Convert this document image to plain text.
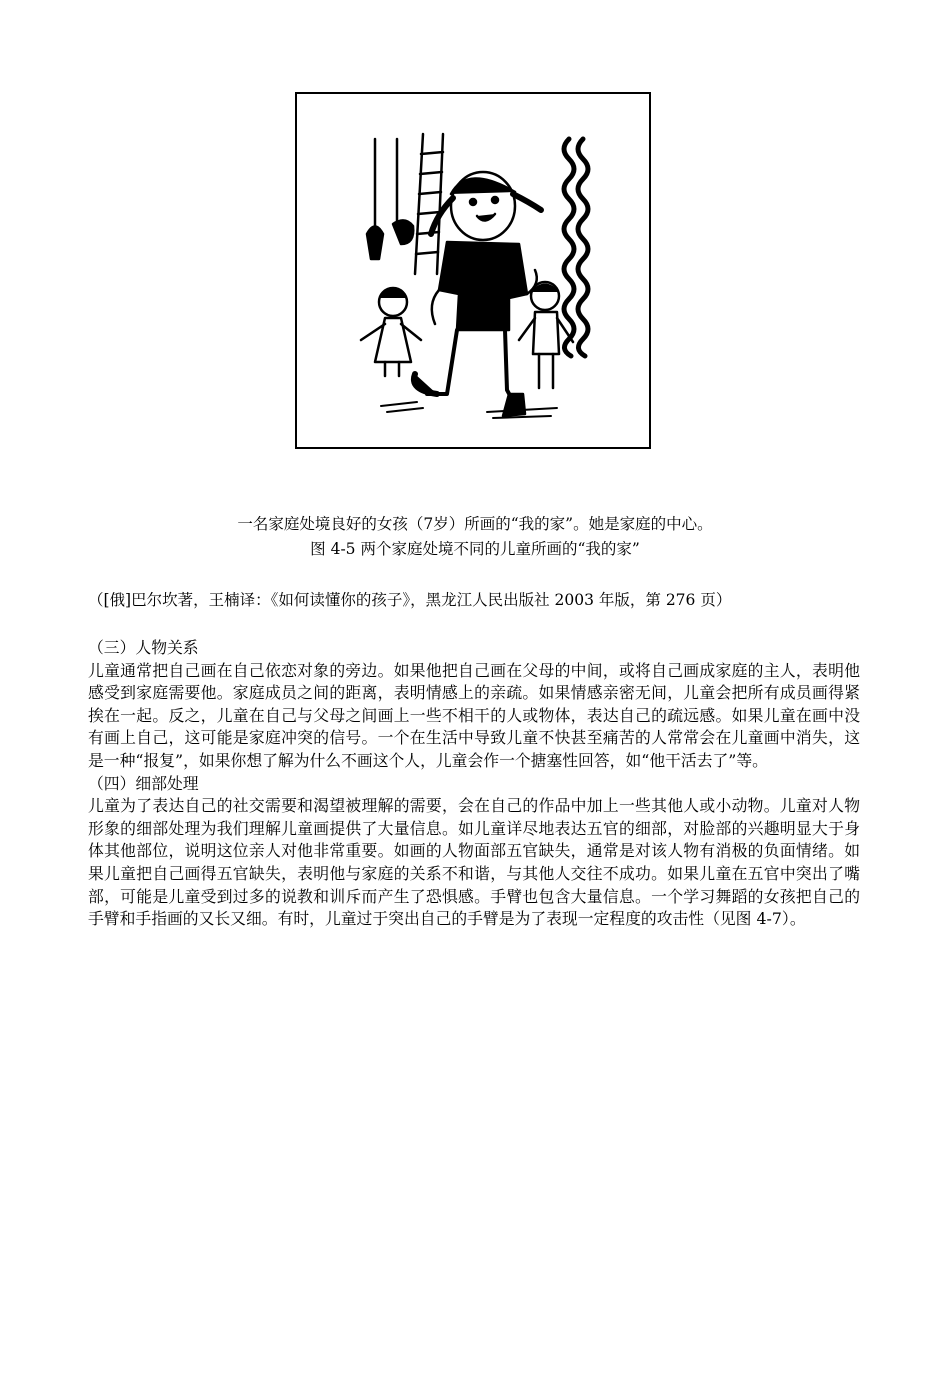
一名家庭处境良好的女孩（7岁）所画的“我的家”。她是家庭的中心。
图 4-5 两个家庭处境不同的儿童所画的“我的家”
（[俄]巴尔坎著，王楠译：《如何读懂你的孩子》，黑龙江人民出版社 2003 年版，第 276 页）

（三）人物关系

儿童通常把自己画在自己依恋对象的旁边。如果他把自己画在父母的中间，或将自己画成家庭的主人，表明他感受到家庭需要他。家庭成员之间的距离，表明情感上的亲疏。如果情感亲密无间，儿童会把所有成员画得紧挨在一起。反之，儿童在自己与父母之间画上一些不相干的人或物体，表达自己的疏远感。如果儿童在画中没有画上自己，这可能是家庭冲突的信号。一个在生活中导致儿童不快甚至痛苦的人常常会在儿童画中消失，这是一种“报复”，如果你想了解为什么不画这个人，儿童会作一个搪塞性回答，如“他干活去了”等。

（四）细部处理

儿童为了表达自己的社交需要和渴望被理解的需要，会在自己的作品中加上一些其他人或小动物。儿童对人物形象的细部处理为我们理解儿童画提供了大量信息。如儿童详尽地表达五官的细部，对脸部的兴趣明显大于身体其他部位，说明这位亲人对他非常重要。如画的人物面部五官缺失，通常是对该人物有消极的负面情绪。如果儿童把自己画得五官缺失，表明他与家庭的关系不和谐，与其他人交往不成功。如果儿童在五官中突出了嘴部，可能是儿童受到过多的说教和训斥而产生了恐惧感。手臂也包含大量信息。一个学习舞蹈的女孩把自己的手臂和手指画的又长又细。有时，儿童过于突出自己的手臂是为了表现一定程度的攻击性（见图 4-7）。
